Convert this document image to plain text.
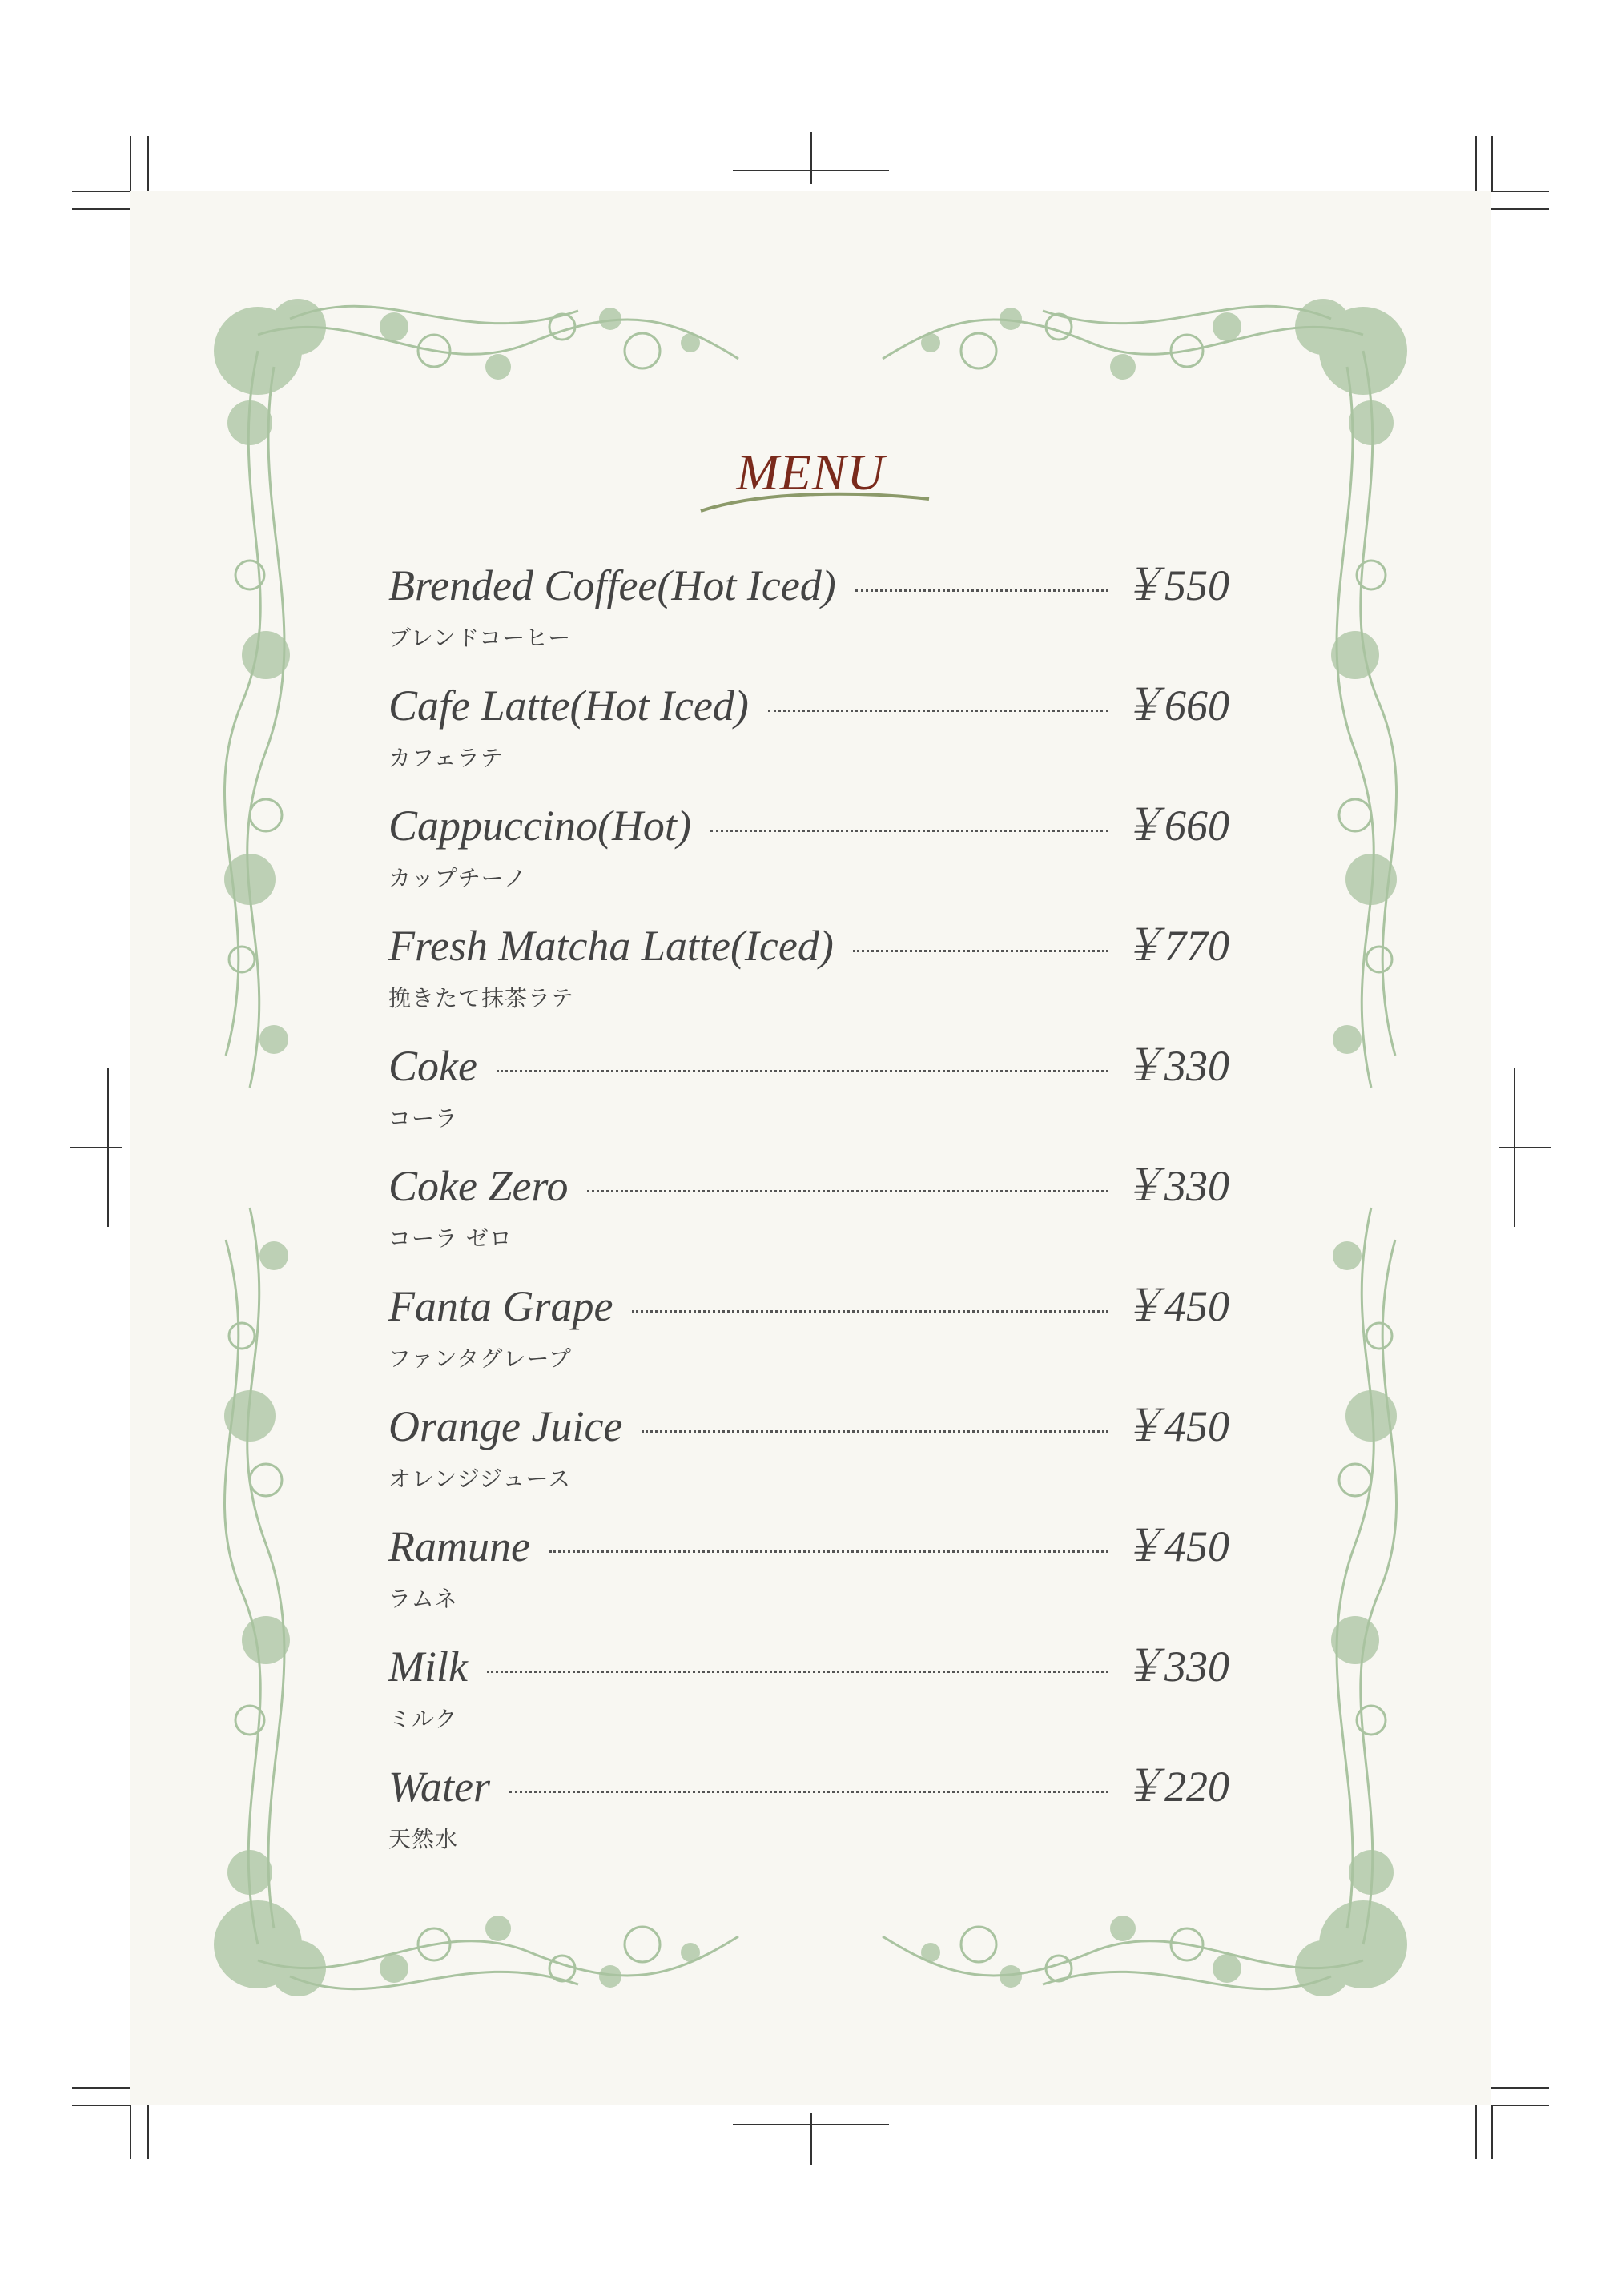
MENU
Brended Coffee(Hot Iced)	￥550
ブレンドコーヒー
Cafe Latte(Hot Iced)	￥660
カフェラテ
Cappuccino(Hot)	￥660
カップチーノ
Fresh Matcha Latte(Iced)	￥770
挽きたて抹茶ラテ
Coke	￥330
コーラ
Coke Zero	￥330
コーラ ゼロ
Fanta Grape	￥450
ファンタグレープ
Orange Juice	￥450
オレンジジュース
Ramune	￥450
ラムネ
Milk	￥330
ミルク
Water	￥220
天然水
